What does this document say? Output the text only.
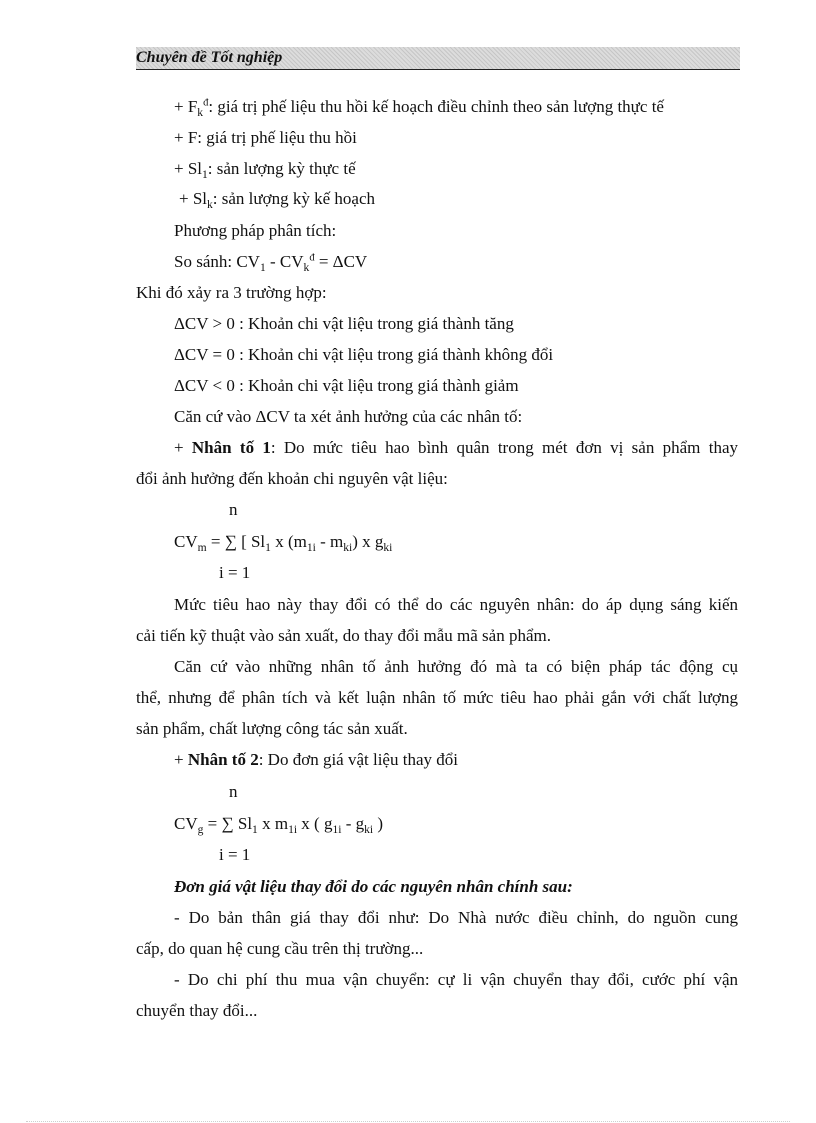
Chuyên đề Tốt nghiệp
+ $F_k^đ$: giá trị phế liệu thu hồi kế hoạch điều chỉnh theo sản lượng thực tế
+ F: giá trị phế liệu thu hồi
+ $Sl_1$: sản lượng kỳ thực tế
+ $Sl_k$: sản lượng kỳ kế hoạch
Phương pháp phân tích:
So sánh: $CV_1 - CV_k^đ = \Delta CV$
Khi đó xảy ra 3 trường hợp:
ΔCV > 0 : Khoản chi vật liệu trong giá thành tăng
ΔCV = 0 : Khoản chi vật liệu trong giá thành không đổi
ΔCV < 0 : Khoản chi vật liệu trong giá thành giảm
Căn cứ vào ΔCV ta xét ảnh hưởng của các nhân tố:
+ Nhân tố 1: Do mức tiêu hao bình quân trong mét đơn vị sản phẩm thay
đổi ảnh hưởng đến khoản chi nguyên vật liệu:
n
$CV_m$ = ∑ [ $Sl_1$ x $(m_{1i} - m_{ki})$ x $g_{ki}$
i = 1
Mức tiêu hao này thay đổi có thể do các nguyên nhân: do áp dụng sáng kiến
cải tiến kỹ thuật vào sản xuất, do thay đổi mẫu mã sản phẩm.
Căn cứ vào những nhân tố ảnh hưởng đó mà ta có biện pháp tác động cụ
thể, nhưng để phân tích và kết luận nhân tố mức tiêu hao phải gắn với chất lượng
sản phẩm, chất lượng công tác sản xuất.
+ Nhân tố 2: Do đơn giá vật liệu thay đổi
n
$CV_g$ = ∑ $Sl_1$ x $m_{1i}$ x ( $g_{1i} - g_{ki}$ )
i = 1
Đơn giá vật liệu thay đổi do các nguyên nhân chính sau:
- Do bản thân giá thay đổi như: Do Nhà nước điều chỉnh, do nguồn cung
cấp, do quan hệ cung cầu trên thị trường...
- Do chi phí thu mua vận chuyển: cự li vận chuyển thay đổi, cước phí vận
chuyển thay đổi...
